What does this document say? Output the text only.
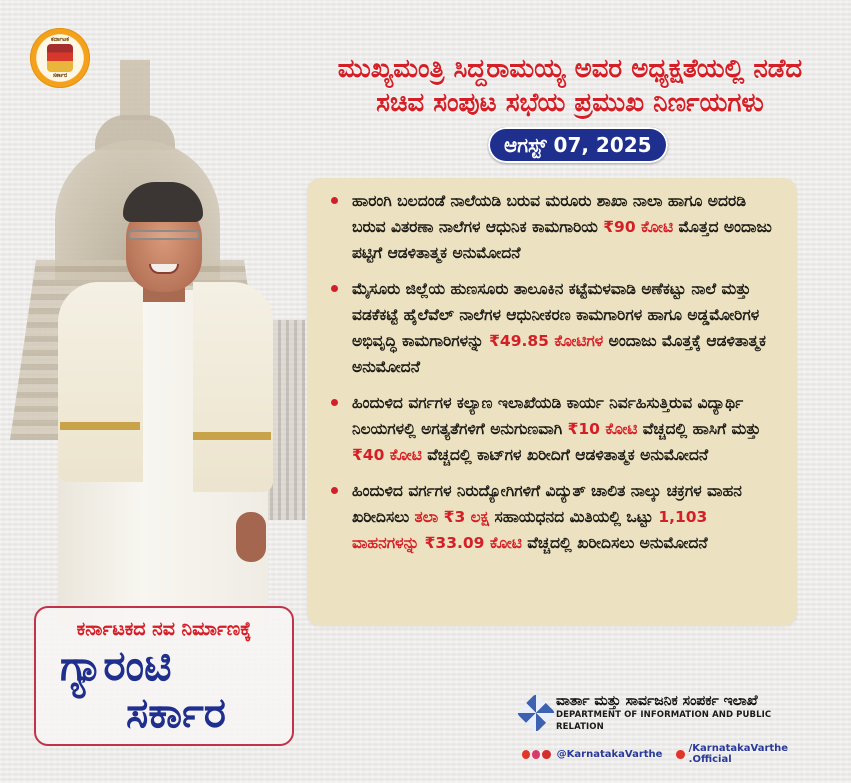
ಕರ್ನಾಟಕ
ಸರ್ಕಾರ	ಮುಖ್ಯಮಂತ್ರಿ ಸಿದ್ದರಾಮಯ್ಯ ಅವರ ಅಧ್ಯಕ್ಷತೆಯಲ್ಲಿ ನಡೆದ
ಸಚಿವ ಸಂಪುಟ ಸಭೆಯ ಪ್ರಮುಖ ನಿರ್ಣಯಗಳು
ಆಗಸ್ಟ್ 07, 2025
ಹಾರಂಗಿ ಬಲದಂಡೆ ನಾಲೆಯಡಿ ಬರುವ ಮರೂರು ಶಾಖಾ ನಾಲಾ ಹಾಗೂ ಅದರಡಿ ಬರುವ ವಿತರಣಾ ನಾಲೆಗಳ ಆಧುನಿಕ ಕಾಮಗಾರಿಯ ₹90 ಕೋಟಿ ಮೊತ್ತದ ಅಂದಾಜು ಪಟ್ಟಿಗೆ ಆಡಳಿತಾತ್ಮಕ ಅನುಮೋದನೆ
ಮೈಸೂರು ಜಿಲ್ಲೆಯ ಹುಣಸೂರು ತಾಲೂಕಿನ ಕಟ್ಟೆಮಳವಾಡಿ ಅಣೆಕಟ್ಟು ನಾಲೆ ಮತ್ತು ವಡಕೆಕಟ್ಟೆ ಹೈಲೆವೆಲ್ ನಾಲೆಗಳ ಆಧುನೀಕರಣ ಕಾಮಗಾರಿಗಳ ಹಾಗೂ ಅಡ್ಡಮೋರಿಗಳ ಅಭಿವೃದ್ಧಿ ಕಾಮಗಾರಿಗಳನ್ನು ₹49.85 ಕೋಟಿಗಳ ಅಂದಾಜು ಮೊತ್ತಕ್ಕೆ ಆಡಳಿತಾತ್ಮಕ ಅನುಮೋದನೆ
ಹಿಂದುಳಿದ ವರ್ಗಗಳ ಕಲ್ಯಾಣ ಇಲಾಖೆಯಡಿ ಕಾರ್ಯ ನಿರ್ವಹಿಸುತ್ತಿರುವ ವಿದ್ಯಾರ್ಥಿ ನಿಲಯಗಳಲ್ಲಿ ಅಗತ್ಯತೆಗಳಿಗೆ ಅನುಗುಣವಾಗಿ ₹10 ಕೋಟಿ ವೆಚ್ಚದಲ್ಲಿ ಹಾಸಿಗೆ ಮತ್ತು ₹40 ಕೋಟಿ ವೆಚ್ಚದಲ್ಲಿ ಕಾಟ್‌ಗಳ ಖರೀದಿಗೆ ಆಡಳಿತಾತ್ಮಕ ಅನುಮೋದನೆ
ಹಿಂದುಳಿದ ವರ್ಗಗಳ ನಿರುದ್ಯೋಗಿಗಳಿಗೆ ವಿದ್ಯುತ್ ಚಾಲಿತ ನಾಲ್ಕು ಚಕ್ರಗಳ ವಾಹನ ಖರೀದಿಸಲು ತಲಾ ₹3 ಲಕ್ಷ ಸಹಾಯಧನದ ಮಿತಿಯಲ್ಲಿ ಒಟ್ಟು 1,103 ವಾಹನಗಳನ್ನು ₹33.09 ಕೋಟಿ ವೆಚ್ಚದಲ್ಲಿ ಖರೀದಿಸಲು ಅನುಮೋದನೆ
ಕರ್ನಾಟಕದ ನವ ನಿರ್ಮಾಣಕ್ಕೆ
ಗ್ಯಾರಂಟಿ
ಸರ್ಕಾರ	ವಾರ್ತಾ ಮತ್ತು ಸಾರ್ವಜನಿಕ ಸಂಪರ್ಕ ಇಲಾಖೆ
DEPARTMENT OF INFORMATION AND PUBLIC RELATION
@KarnatakaVarthe	/KarnatakaVarthe .Official
